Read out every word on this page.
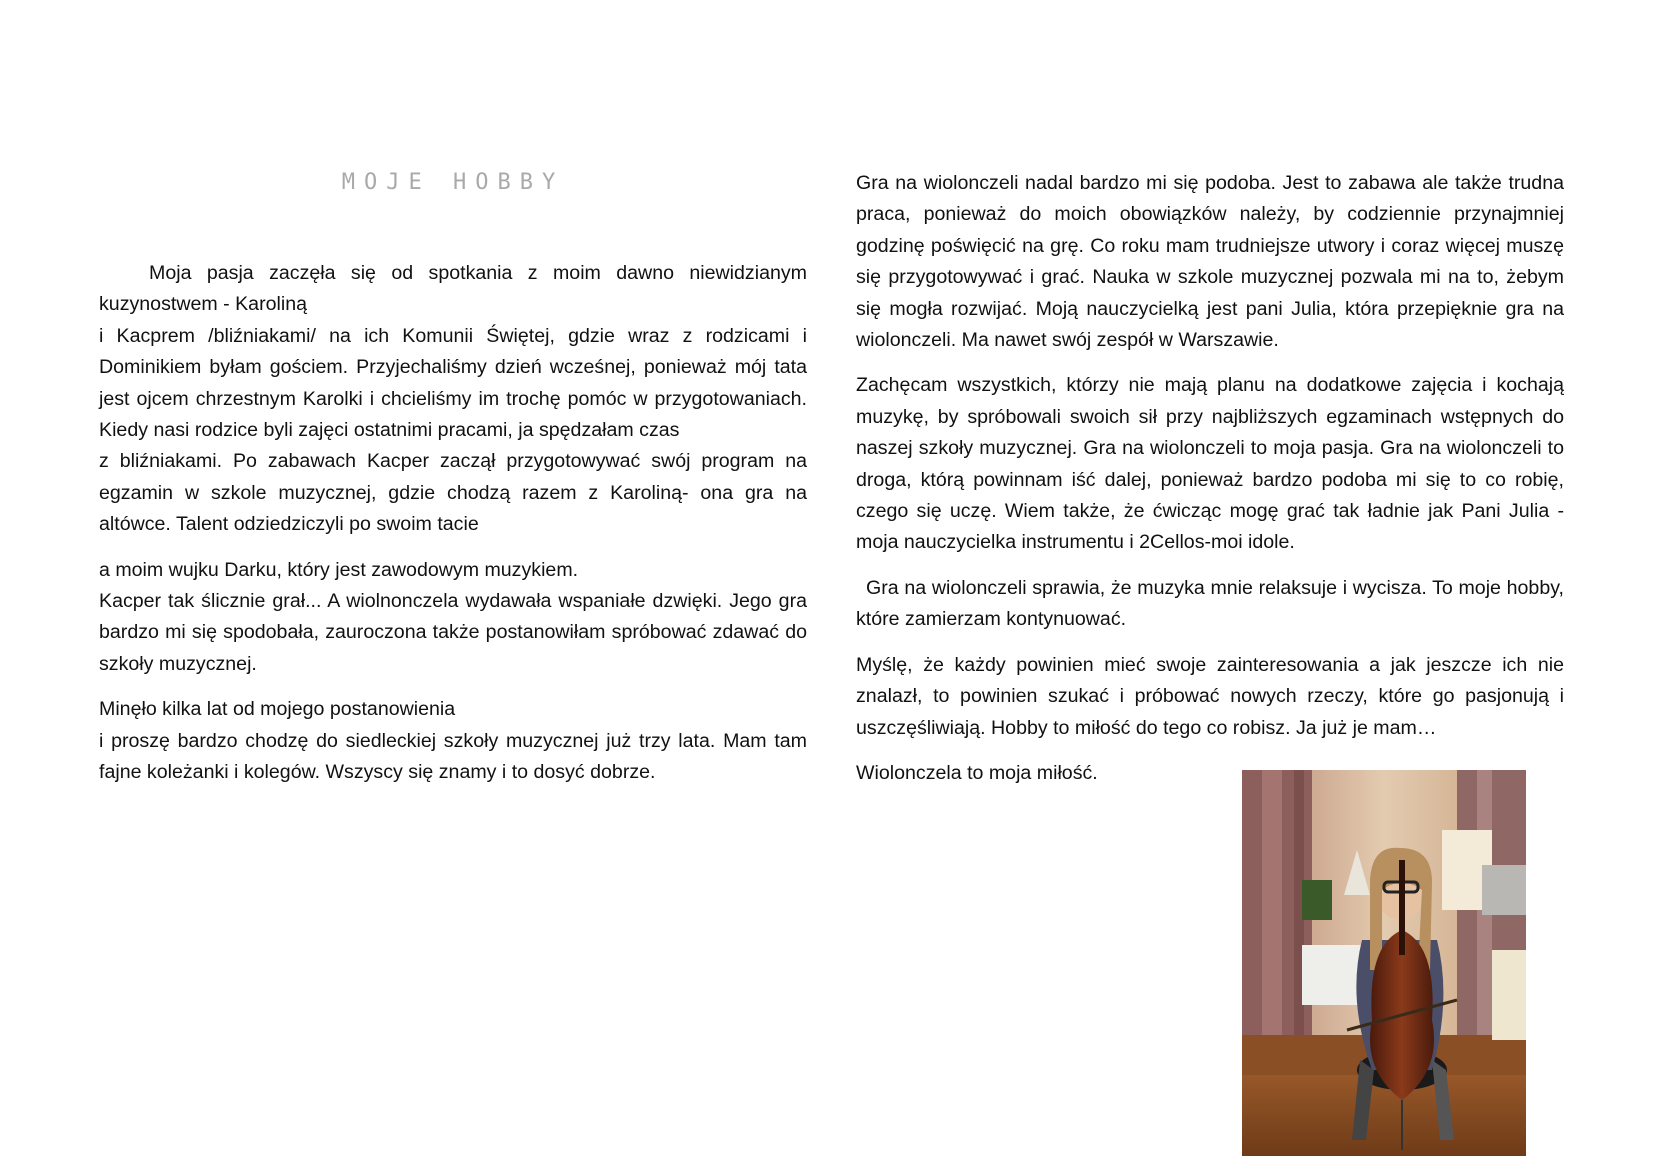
MOJE HOBBY

Moja pasja zaczęła się od spotkania z moim dawno niewidzianym kuzynostwem - Karoliną

i Kacprem /bliźniakami/ na ich Komunii Świętej, gdzie wraz z rodzicami i Dominikiem byłam gościem. Przyjechaliśmy dzień wcześnej, ponieważ mój tata jest ojcem chrzestnym Karolki i chcieliśmy im trochę pomóc w przygotowaniach. Kiedy nasi rodzice byli zajęci ostatnimi pracami, ja spędzałam czas

z bliźniakami. Po zabawach Kacper zaczął przygotowywać swój program na egzamin w szkole muzycznej, gdzie chodzą razem z Karoliną- ona gra na altówce. Talent odziedziczyli po swoim tacie

a moim wujku Darku, który jest zawodowym muzykiem.

Kacper tak ślicznie grał... A wiolnonczela wydawała wspaniałe dzwięki. Jego gra bardzo mi się spodobała, zauroczona także postanowiłam spróbować zdawać do szkoły muzycznej.

Minęło kilka lat od mojego postanowienia

i proszę bardzo chodzę do siedleckiej szkoły muzycznej już trzy lata. Mam tam fajne koleżanki i kolegów. Wszyscy się znamy i to dosyć dobrze.

Gra na wiolonczeli nadal bardzo mi się podoba. Jest to zabawa ale także trudna praca, ponieważ do moich obowiązków należy, by codziennie przynajmniej godzinę poświęcić na grę. Co roku mam trudniejsze utwory i coraz więcej muszę się przygotowywać i grać. Nauka w szkole muzycznej pozwala mi na to, żebym się mogła rozwijać. Moją nauczycielką jest pani Julia, która przepięknie gra na wiolonczeli. Ma nawet swój zespół w Warszawie.

Zachęcam wszystkich, którzy nie mają planu na dodatkowe zajęcia i kochają muzykę, by spróbowali swoich sił przy najbliższych egzaminach wstępnych do naszej szkoły muzycznej. Gra na wiolonczeli to moja pasja. Gra na wiolonczeli to droga, którą powinnam iść dalej, ponieważ bardzo podoba mi się to co robię, czego się uczę. Wiem także, że ćwicząc mogę grać tak ładnie jak Pani Julia -moja nauczycielka instrumentu i 2Cellos-moi idole.

Gra na wiolonczeli sprawia, że muzyka mnie relaksuje i wycisza. To moje hobby, które zamierzam kontynuować.

Myślę, że każdy powinien mieć swoje zainteresowania a jak jeszcze ich nie znalazł, to powinien szukać i próbować nowych rzeczy, które go pasjonują i uszczęśliwiają. Hobby to miłość do tego co robisz. Ja już je mam…

Wiolonczela to moja miłość.
